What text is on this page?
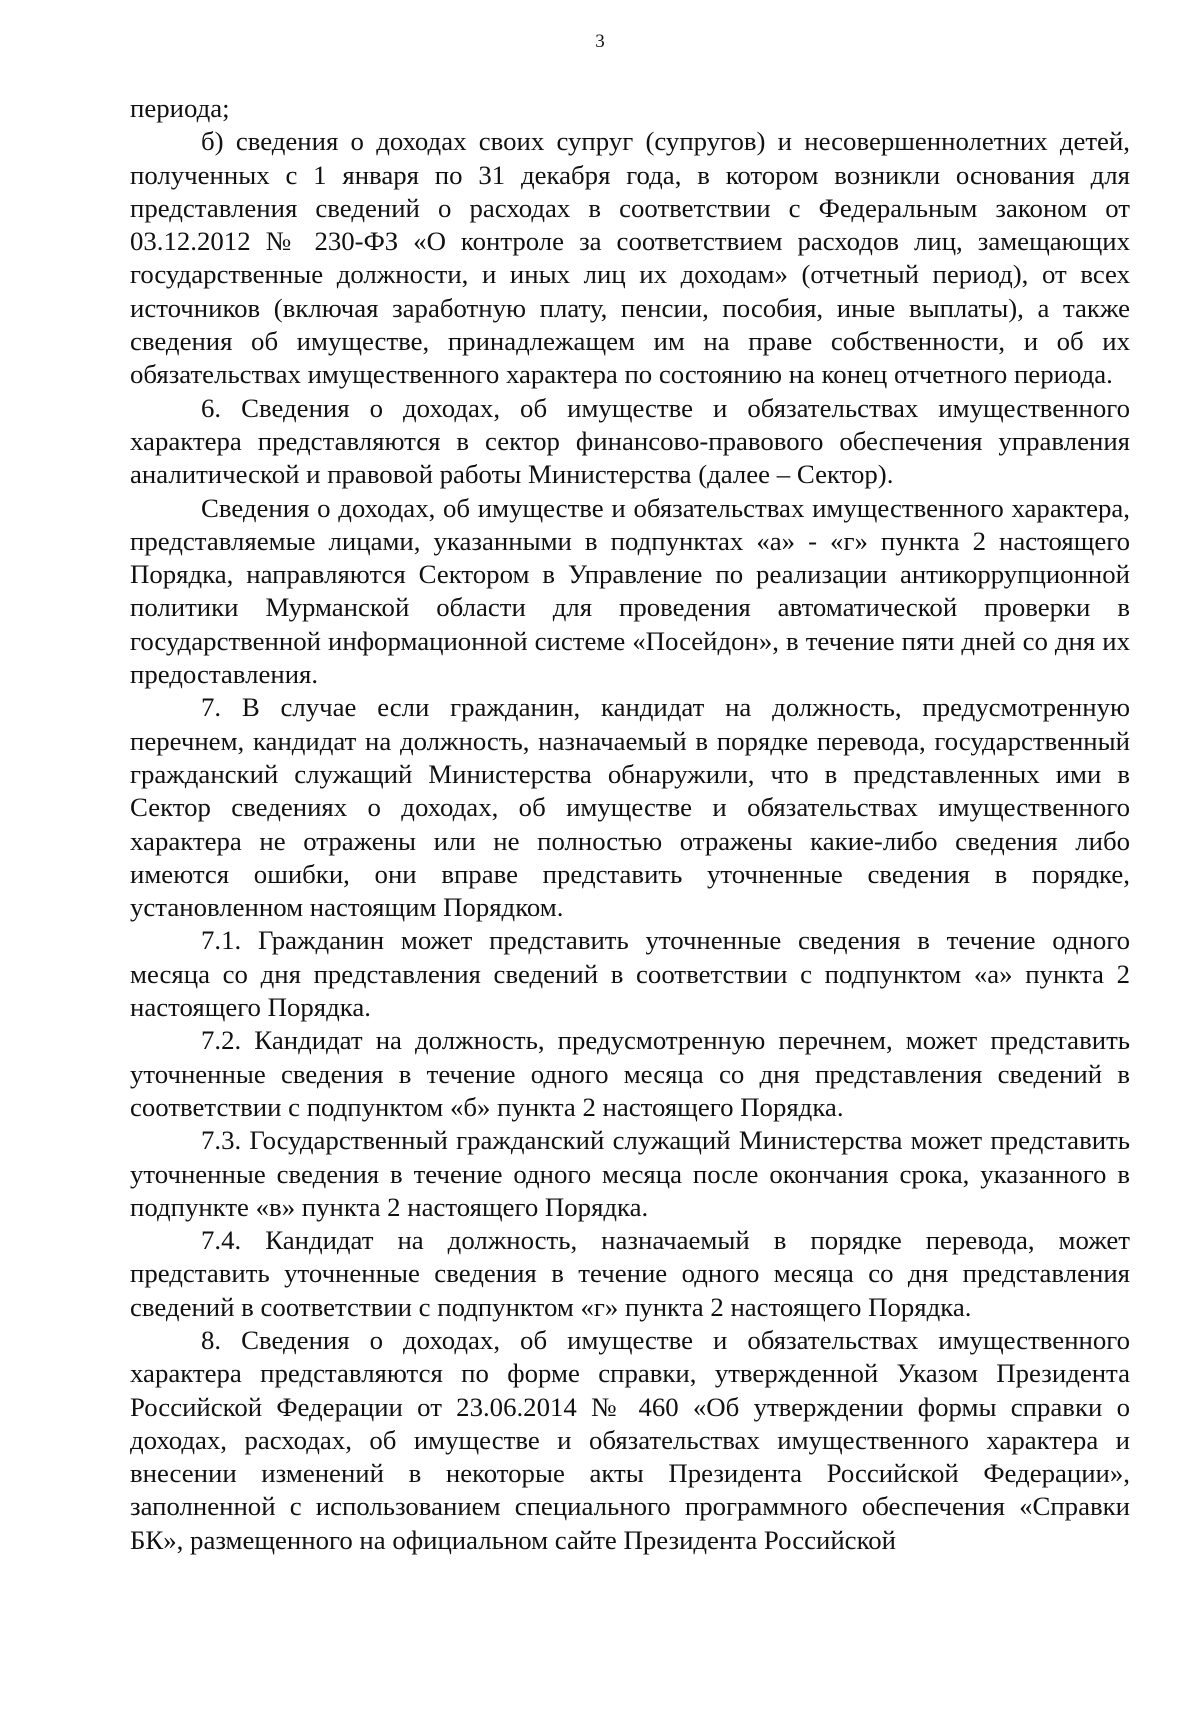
3

периода;

б) сведения о доходах своих супруг (супругов) и несовершеннолетних детей, полученных с 1 января по 31 декабря года, в котором возникли основания для представления сведений о расходах в соответствии с Федеральным законом от 03.12.2012 № 230-ФЗ «О контроле за соответствием расходов лиц, замещающих государственные должности, и иных лиц их доходам» (отчетный период), от всех источников (включая заработную плату, пенсии, пособия, иные выплаты), а также сведения об имуществе, принадлежащем им на праве собственности, и об их обязательствах имущественного характера по состоянию на конец отчетного периода.

6. Сведения о доходах, об имуществе и обязательствах имущественного характера представляются в сектор финансово-правового обеспечения управления аналитической и правовой работы Министерства (далее – Сектор).

Сведения о доходах, об имуществе и обязательствах имущественного характера, представляемые лицами, указанными в подпунктах «а» - «г» пункта 2 настоящего Порядка, направляются Сектором в Управление по реализации антикоррупционной политики Мурманской области для проведения автоматической проверки в государственной информационной системе «Посейдон», в течение пяти дней со дня их предоставления.

7. В случае если гражданин, кандидат на должность, предусмотренную перечнем, кандидат на должность, назначаемый в порядке перевода, государственный гражданский служащий Министерства обнаружили, что в представленных ими в Сектор сведениях о доходах, об имуществе и обязательствах имущественного характера не отражены или не полностью отражены какие-либо сведения либо имеются ошибки, они вправе представить уточненные сведения в порядке, установленном настоящим Порядком.

7.1. Гражданин может представить уточненные сведения в течение одного месяца со дня представления сведений в соответствии с подпунктом «а» пункта 2 настоящего Порядка.

7.2. Кандидат на должность, предусмотренную перечнем, может представить уточненные сведения в течение одного месяца со дня представления сведений в соответствии с подпунктом «б» пункта 2 настоящего Порядка.

7.3. Государственный гражданский служащий Министерства может представить уточненные сведения в течение одного месяца после окончания срока, указанного в подпункте «в» пункта 2 настоящего Порядка.

7.4. Кандидат на должность, назначаемый в порядке перевода, может представить уточненные сведения в течение одного месяца со дня представления сведений в соответствии с подпунктом «г» пункта 2 настоящего Порядка.

8. Сведения о доходах, об имуществе и обязательствах имущественного характера представляются по форме справки, утвержденной Указом Президента Российской Федерации от 23.06.2014 № 460 «Об утверждении формы справки о доходах, расходах, об имуществе и обязательствах имущественного характера и внесении изменений в некоторые акты Президента Российской Федерации», заполненной с использованием специального программного обеспечения «Справки БК», размещенного на официальном сайте Президента Российской
